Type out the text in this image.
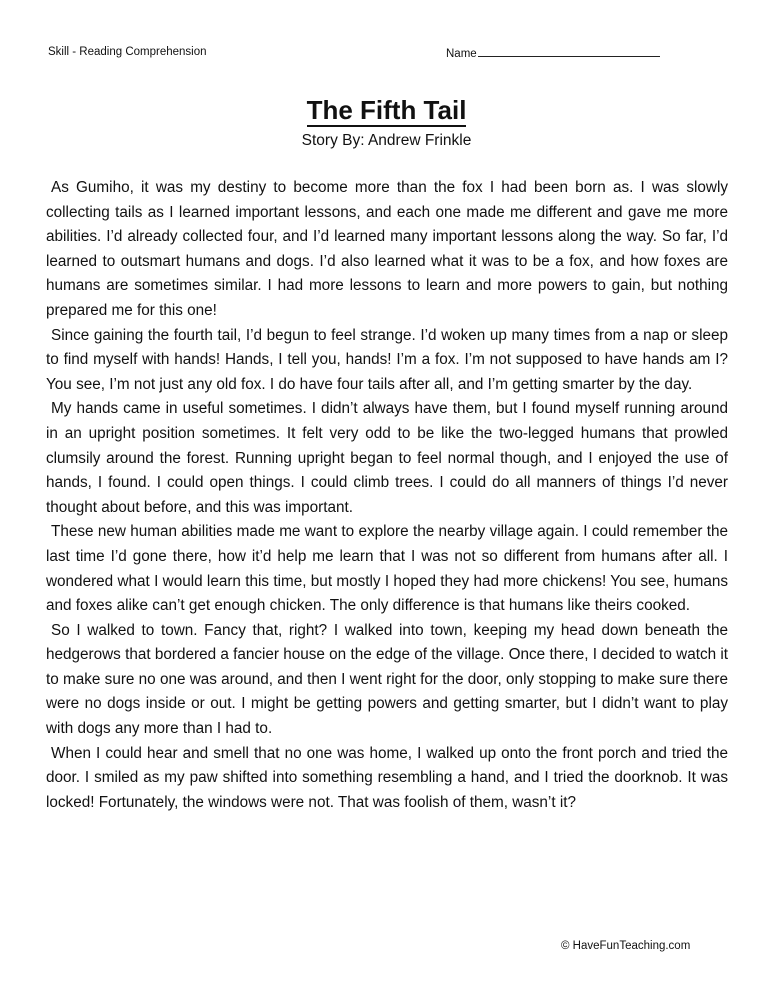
Skill - Reading Comprehension	Name
The Fifth Tail
Story By: Andrew Frinkle

As Gumiho, it was my destiny to become more than the fox I had been born as. I was slowly collecting tails as I learned important lessons, and each one made me different and gave me more abilities. I’d already collected four, and I’d learned many important lessons along the way. So far, I’d learned to outsmart humans and dogs. I’d also learned what it was to be a fox, and how foxes are humans are sometimes similar. I had more lessons to learn and more powers to gain, but nothing prepared me for this one!

Since gaining the fourth tail, I’d begun to feel strange. I’d woken up many times from a nap or sleep to find myself with hands! Hands, I tell you, hands! I’m a fox. I’m not supposed to have hands am I? You see, I’m not just any old fox. I do have four tails after all, and I’m getting smarter by the day.

My hands came in useful sometimes. I didn’t always have them, but I found myself running around in an upright position sometimes. It felt very odd to be like the two-legged humans that prowled clumsily around the forest. Running upright began to feel normal though, and I enjoyed the use of hands, I found. I could open things. I could climb trees. I could do all manners of things I’d never thought about before, and this was important.

These new human abilities made me want to explore the nearby village again. I could remember the last time I’d gone there, how it’d help me learn that I was not so different from humans after all. I wondered what I would learn this time, but mostly I hoped they had more chickens! You see, humans and foxes alike can’t get enough chicken. The only difference is that humans like theirs cooked.

So I walked to town. Fancy that, right? I walked into town, keeping my head down beneath the hedgerows that bordered a fancier house on the edge of the village. Once there, I decided to watch it to make sure no one was around, and then I went right for the door, only stopping to make sure there were no dogs inside or out. I might be getting powers and getting smarter, but I didn’t want to play with dogs any more than I had to.

When I could hear and smell that no one was home, I walked up onto the front porch and tried the door. I smiled as my paw shifted into something resembling a hand, and I tried the doorknob. It was locked! Fortunately, the windows were not. That was foolish of them, wasn’t it?

© HaveFunTeaching.com
